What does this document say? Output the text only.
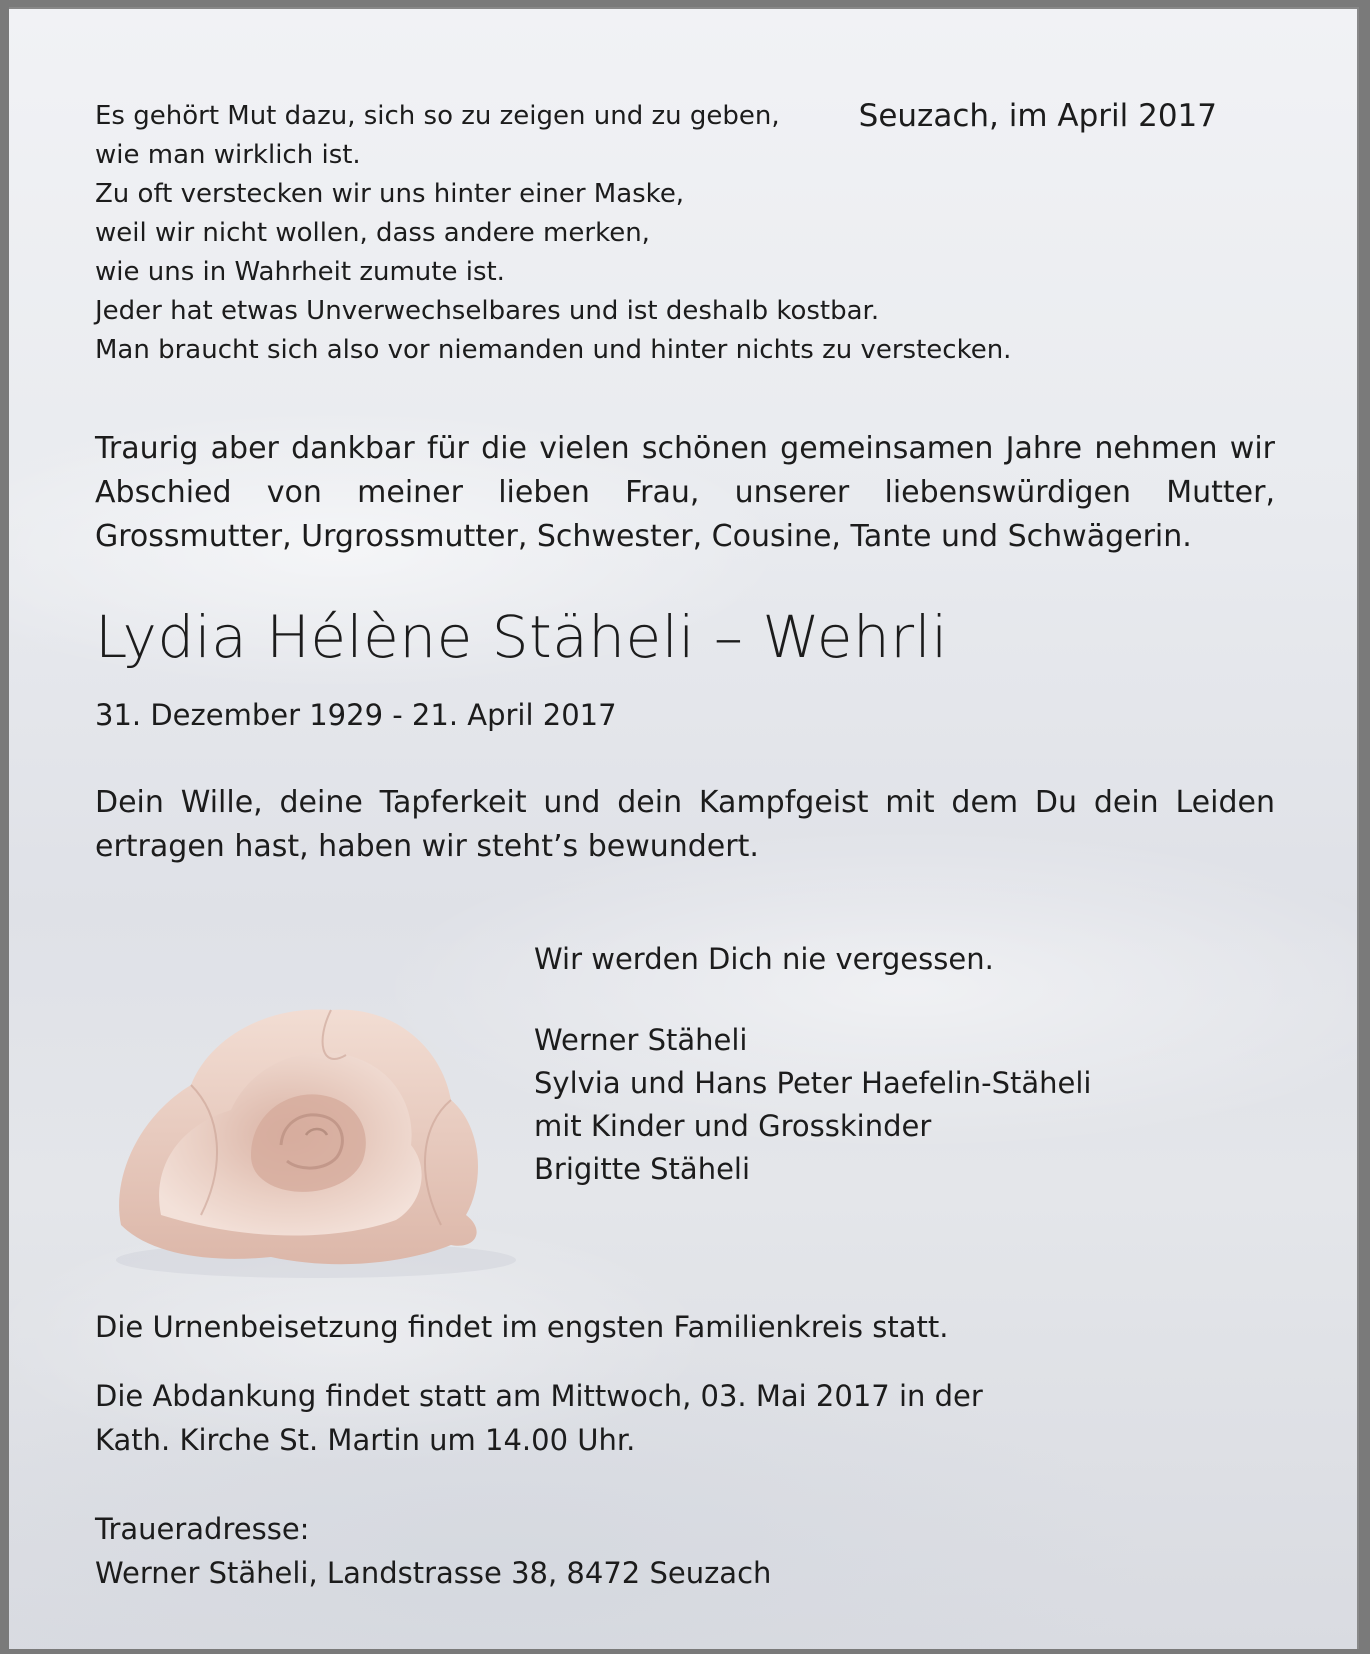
Es gehört Mut dazu, sich so zu zeigen und zu geben,
wie man wirklich ist.
Zu oft verstecken wir uns hinter einer Maske,
weil wir nicht wollen, dass andere merken,
wie uns in Wahrheit zumute ist.
Jeder hat etwas Unverwechselbares und ist deshalb kostbar.
Man braucht sich also vor niemanden und hinter nichts zu verstecken.
Seuzach, im April 2017
Traurig aber dankbar für die vielen schönen gemeinsamen Jahre nehmen wir Abschied von meiner lieben Frau, unserer liebenswürdigen Mutter, Grossmutter, Urgrossmutter, Schwester, Cousine, Tante und Schwägerin.
Lydia Hélène Stäheli – Wehrli
31. Dezember 1929 - 21. April 2017
Dein Wille, deine Tapferkeit und dein Kampfgeist mit dem Du dein Leiden ertragen hast, haben wir steht’s bewundert.
Wir werden Dich nie vergessen.
Werner Stäheli
Sylvia und Hans Peter Haefelin-Stäheli
mit Kinder und Grosskinder
Brigitte Stäheli
Die Urnenbeisetzung findet im engsten Familienkreis statt.
Die Abdankung findet statt am Mittwoch, 03. Mai 2017 in der
Kath. Kirche St. Martin um 14.00 Uhr.
Traueradresse:
Werner Stäheli, Landstrasse 38, 8472 Seuzach
